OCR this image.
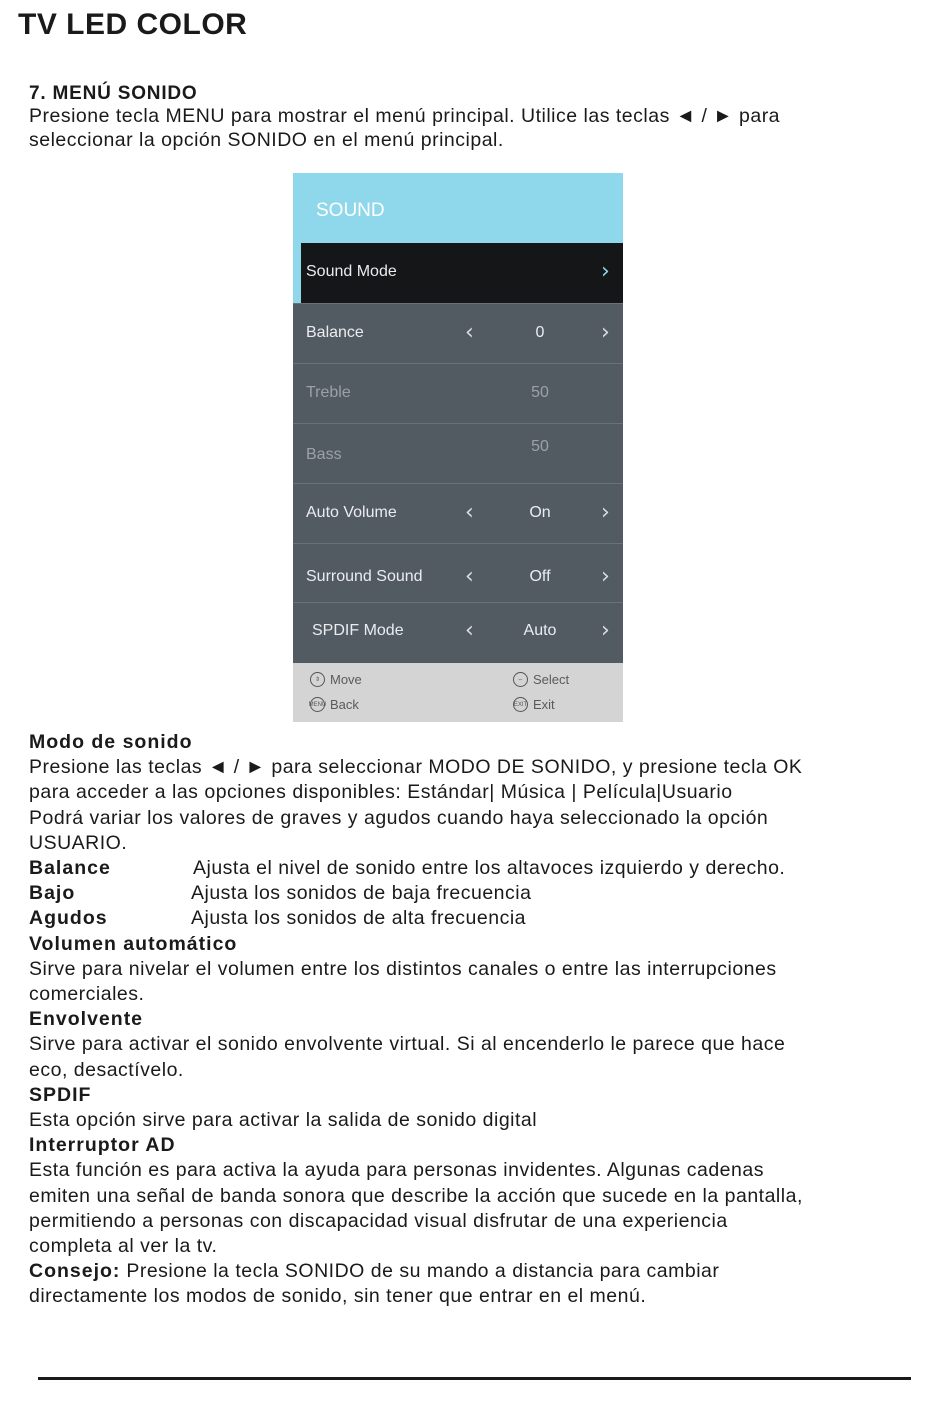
TV LED COLOR
7. MENÚ SONIDO
Presione tecla MENU para mostrar el menú principal. Utilice las teclas ◄ / ► para
seleccionar la opción SONIDO en el menú principal.
SOUND
Sound Mode	›
Balance	‹	0	›
Treble	50
Bass	50
Auto Volume	‹	On	›
Surround Sound ‹	Off	›
SPDIF Mode	‹	Auto	›
⇕ Move	⇔ Select
MENU Back	EXIT Exit

Modo de sonido

Presione las teclas ◄ / ► para seleccionar MODO DE SONIDO, y presione tecla OK

para acceder a las opciones disponibles: Estándar| Música | Película|Usuario

Podrá variar los valores de graves y agudos cuando haya seleccionado la opción

USUARIO.

Balance	Ajusta el nivel de sonido entre los altavoces izquierdo y derecho.
Bajo	Ajusta los sonidos de baja frecuencia
Agudos	Ajusta los sonidos de alta frecuencia

Volumen automático

Sirve para nivelar el volumen entre los distintos canales o entre las interrupciones

comerciales.

Envolvente

Sirve para activar el sonido envolvente virtual. Si al encenderlo le parece que hace

eco, desactívelo.

SPDIF

Esta opción sirve para activar la salida de sonido digital

Interruptor AD

Esta función es para activa la ayuda para personas invidentes. Algunas cadenas

emiten una señal de banda sonora que describe la acción que sucede en la pantalla,

permitiendo a personas con discapacidad visual disfrutar de una experiencia

completa al ver la tv.

Consejo: Presione la tecla SONIDO de su mando a distancia para cambiar

directamente los modos de sonido, sin tener que entrar en el menú.
